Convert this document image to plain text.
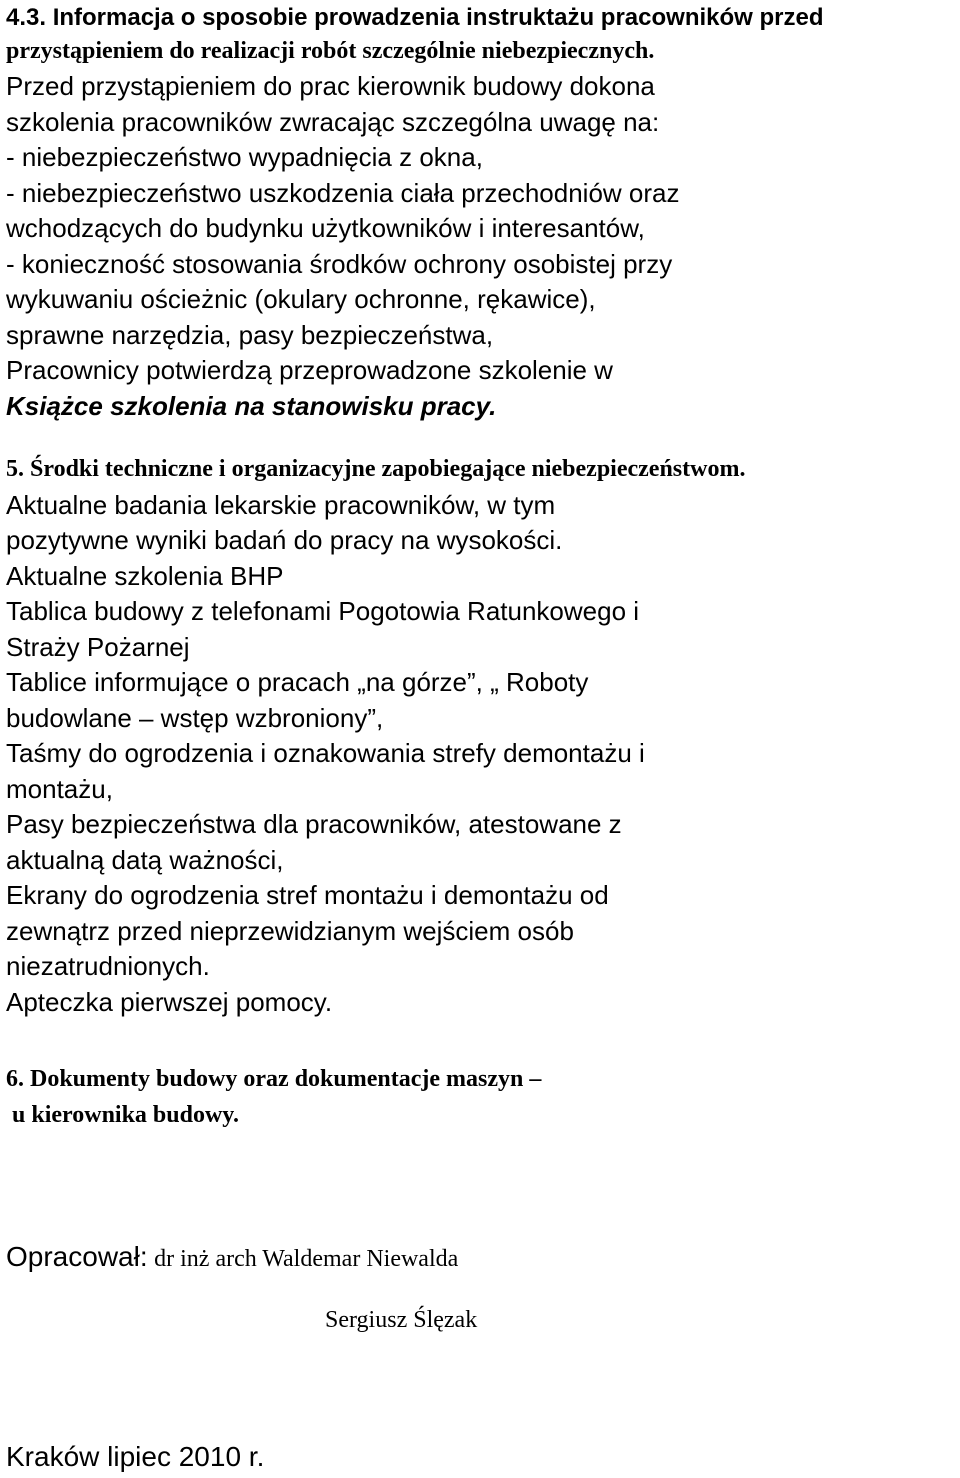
4.3. Informacja o sposobie prowadzenia instruktażu pracowników przed
przystąpieniem do realizacji robót szczególnie niebezpiecznych.
Przed przystąpieniem do prac kierownik budowy dokona
szkolenia pracowników zwracając szczególna uwagę na:
- niebezpieczeństwo wypadnięcia z okna,
- niebezpieczeństwo uszkodzenia ciała przechodniów oraz
wchodzących do budynku użytkowników i interesantów,
- konieczność stosowania środków ochrony osobistej przy
wykuwaniu ościeżnic (okulary ochronne, rękawice),
sprawne narzędzia, pasy bezpieczeństwa,
Pracownicy potwierdzą przeprowadzone szkolenie w
Książce szkolenia na stanowisku pracy.
5. Środki techniczne i organizacyjne zapobiegające niebezpieczeństwom.
Aktualne badania lekarskie pracowników, w tym
pozytywne wyniki badań do pracy na wysokości.
Aktualne szkolenia BHP
Tablica budowy z telefonami Pogotowia Ratunkowego i
Straży Pożarnej
Tablice informujące o pracach „na górze”, „ Roboty
budowlane – wstęp wzbroniony”,
Taśmy do ogrodzenia i oznakowania strefy demontażu i
montażu,
Pasy bezpieczeństwa dla pracowników, atestowane z
aktualną datą ważności,
Ekrany do ogrodzenia stref montażu i demontażu od
zewnątrz przed nieprzewidzianym wejściem osób
niezatrudnionych.
Apteczka pierwszej pomocy.
6. Dokumenty budowy oraz dokumentacje maszyn –
u kierownika budowy.
Opracował: dr inż arch Waldemar Niewalda
Sergiusz Ślęzak
Kraków lipiec 2010 r.
